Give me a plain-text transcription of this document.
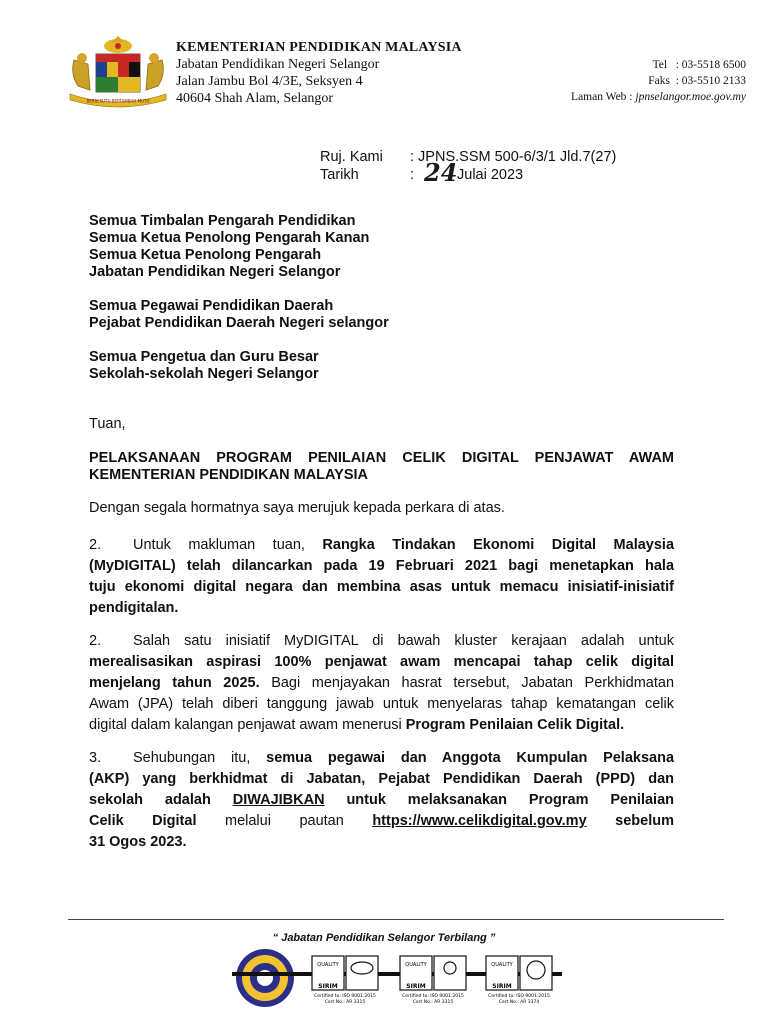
BERSEKUTU BERTAMBAH MUTU
KEMENTERIAN PENDIDIKAN MALAYSIA
Jabatan Pendidikan Negeri Selangor
Jalan Jambu Bol 4/3E, Seksyen 4
40604 Shah Alam, Selangor
Tel : 03-5518 6500
Faks : 03-5510 2133
Laman Web : jpnselangor.moe.gov.my
Ruj. Kami : JPNS.SSM 500-6/3/1 Jld.7(27)
Tarikh	: 24 Julai 2023
Semua Timbalan Pengarah Pendidikan
Semua Ketua Penolong Pengarah Kanan
Semua Ketua Penolong Pengarah
Jabatan Pendidikan Negeri Selangor
Semua Pegawai Pendidikan Daerah
Pejabat Pendidikan Daerah Negeri selangor
Semua Pengetua dan Guru Besar
Sekolah-sekolah Negeri Selangor
Tuan,
PELAKSANAAN PROGRAM PENILAIAN CELIK DIGITAL PENJAWAT AWAM
KEMENTERIAN PENDIDIKAN MALAYSIA
Dengan segala hormatnya saya merujuk kepada perkara di atas.
2. Untuk makluman tuan, Rangka Tindakan Ekonomi Digital Malaysia
(MyDIGITAL) telah dilancarkan pada 19 Februari 2021 bagi menetapkan hala
tuju ekonomi digital negara dan membina asas untuk memacu inisiatif-inisiatif
pendigitalan.
2. Salah satu inisiatif MyDIGITAL di bawah kluster kerajaan adalah untuk
merealisasikan aspirasi 100% penjawat awam mencapai tahap celik digital
menjelang tahun 2025. Bagi menjayakan hasrat tersebut, Jabatan Perkhidmatan
Awam (JPA) telah diberi tanggung jawab untuk menyelaras tahap kematangan celik
digital dalam kalangan penjawat awam menerusi Program Penilaian Celik Digital.
3. Sehubungan itu, semua pegawai dan Anggota Kumpulan Pelaksana
(AKP) yang berkhidmat di Jabatan, Pejabat Pendidikan Daerah (PPD) dan
sekolah adalah DIWAJIBKAN untuk melaksanakan Program Penilaian
Celik Digital melalui pautan https://www.celikdigital.gov.my sebelum
31 Ogos 2023.
“ Jabatan Pendidikan Selangor Terbilang ”
QUALITY
SIRIM
Certified to: ISO 9001:2015
Cert No.: AR 3315
QUALITY
SIRIM
Certified to: ISO 9001:2015
Cert No.: AR 3315
QUALITY
SIRIM
Certified to: ISO 9001:2015
Cert No.: AR 3374
